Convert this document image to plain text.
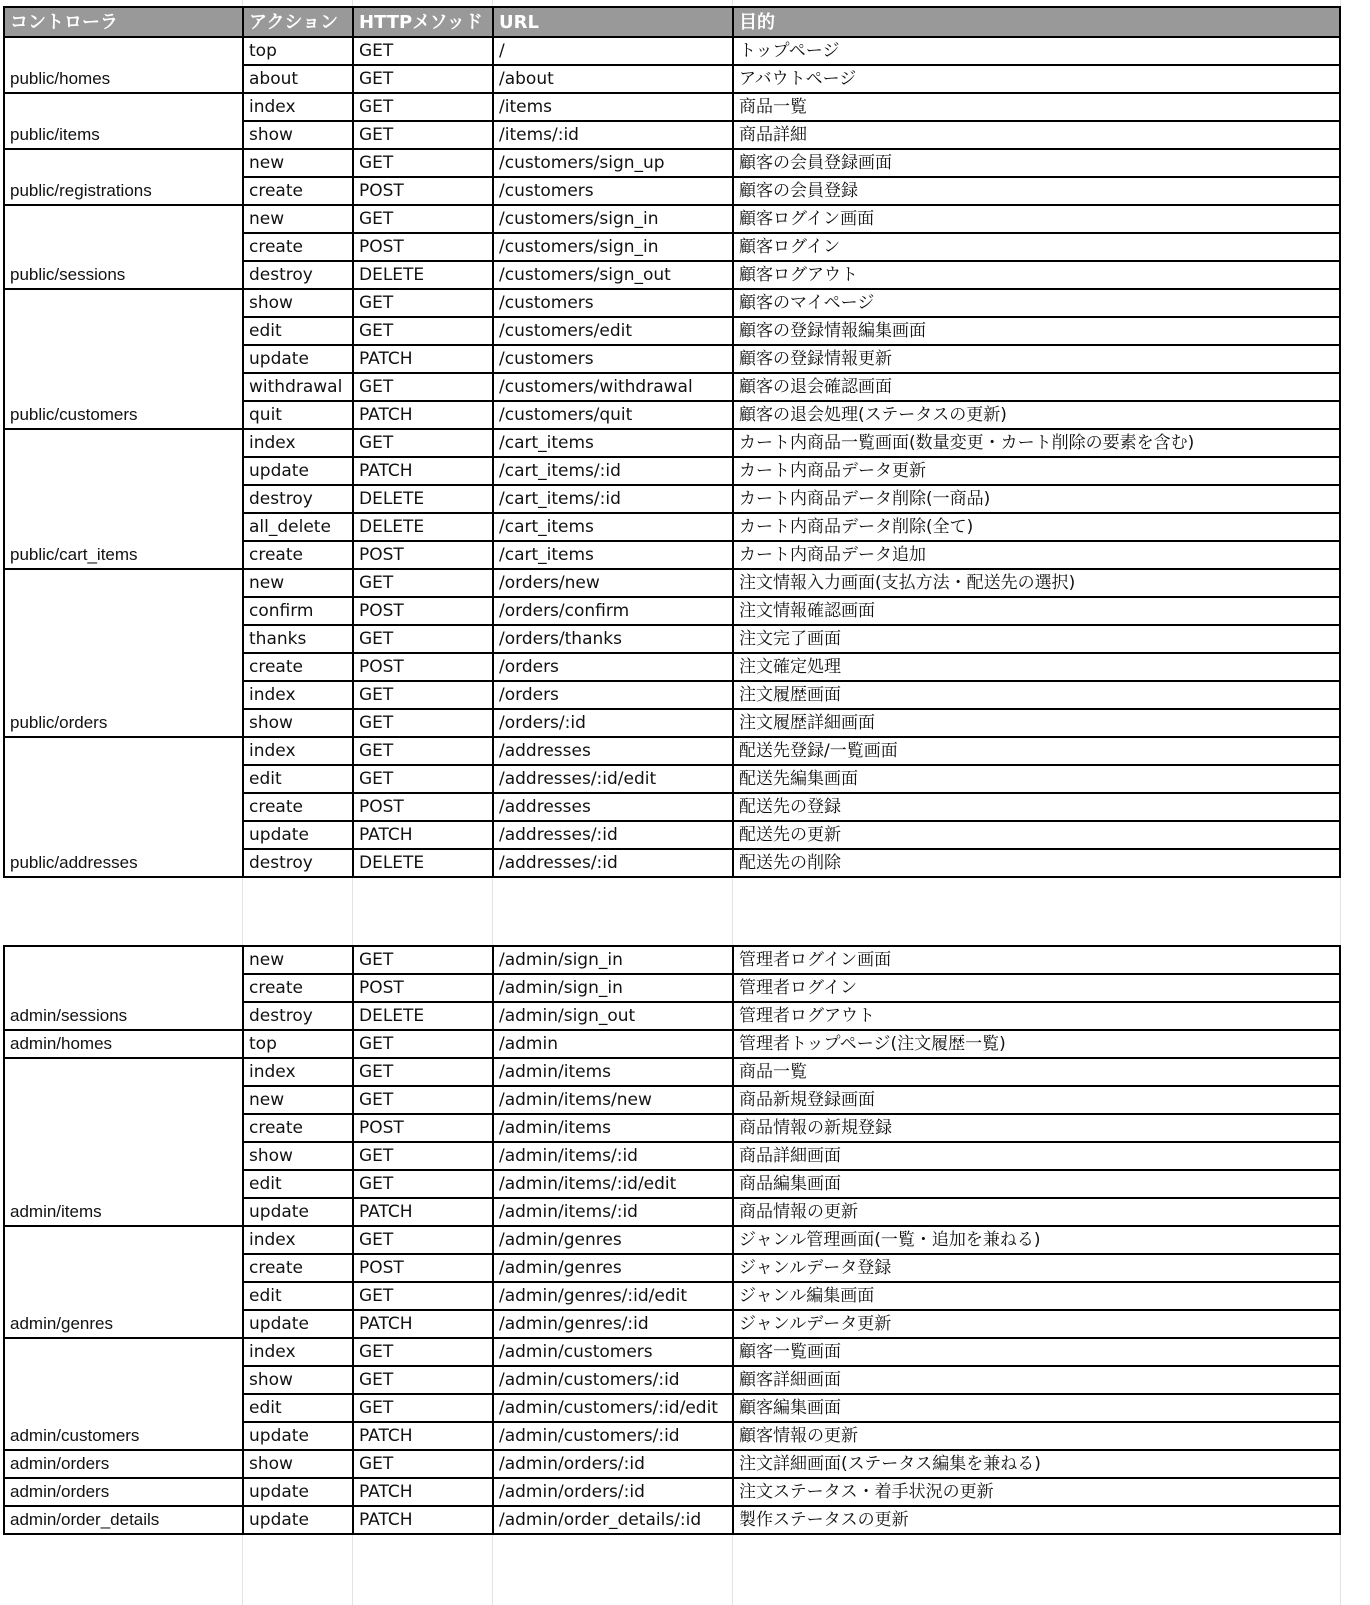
コントローラ	アクション	HTTPメソッド	URL	目的
public/homes	top	GET	/	トップページ
	about	GET	/about	アバウトページ
public/items	index	GET	/items	商品一覧
	show	GET	/items/:id	商品詳細
public/registrations	new	GET	/customers/sign_up	顧客の会員登録画面
	create	POST	/customers	顧客の会員登録
public/sessions	new	GET	/customers/sign_in	顧客ログイン画面
	create	POST	/customers/sign_in	顧客ログイン
	destroy	DELETE	/customers/sign_out	顧客ログアウト
public/customers	show	GET	/customers	顧客のマイページ
	edit	GET	/customers/edit	顧客の登録情報編集画面
	update	PATCH	/customers	顧客の登録情報更新
	withdrawal	GET	/customers/withdrawal	顧客の退会確認画面
	quit	PATCH	/customers/quit	顧客の退会処理(ステータスの更新)
public/cart_items	index	GET	/cart_items	カート内商品一覧画面(数量変更・カート削除の要素を含む)
	update	PATCH	/cart_items/:id	カート内商品データ更新
	destroy	DELETE	/cart_items/:id	カート内商品データ削除(一商品)
	all_delete	DELETE	/cart_items	カート内商品データ削除(全て)
	create	POST	/cart_items	カート内商品データ追加
public/orders	new	GET	/orders/new	注文情報入力画面(支払方法・配送先の選択)
	confirm	POST	/orders/confirm	注文情報確認画面
	thanks	GET	/orders/thanks	注文完了画面
	create	POST	/orders	注文確定処理
	index	GET	/orders	注文履歴画面
	show	GET	/orders/:id	注文履歴詳細画面
public/addresses	index	GET	/addresses	配送先登録/一覧画面
	edit	GET	/addresses/:id/edit	配送先編集画面
	create	POST	/addresses	配送先の登録
	update	PATCH	/addresses/:id	配送先の更新
	destroy	DELETE	/addresses/:id	配送先の削除
admin/sessions	new	GET	/admin/sign_in	管理者ログイン画面
	create	POST	/admin/sign_in	管理者ログイン
	destroy	DELETE	/admin/sign_out	管理者ログアウト
admin/homes	top	GET	/admin	管理者トップページ(注文履歴一覧)
admin/items	index	GET	/admin/items	商品一覧
	new	GET	/admin/items/new	商品新規登録画面
	create	POST	/admin/items	商品情報の新規登録
	show	GET	/admin/items/:id	商品詳細画面
	edit	GET	/admin/items/:id/edit	商品編集画面
	update	PATCH	/admin/items/:id	商品情報の更新
admin/genres	index	GET	/admin/genres	ジャンル管理画面(一覧・追加を兼ねる)
	create	POST	/admin/genres	ジャンルデータ登録
	edit	GET	/admin/genres/:id/edit	ジャンル編集画面
	update	PATCH	/admin/genres/:id	ジャンルデータ更新
admin/customers	index	GET	/admin/customers	顧客一覧画面
	show	GET	/admin/customers/:id	顧客詳細画面
	edit	GET	/admin/customers/:id/edit	顧客編集画面
	update	PATCH	/admin/customers/:id	顧客情報の更新
admin/orders	show	GET	/admin/orders/:id	注文詳細画面(ステータス編集を兼ねる)
admin/orders	update	PATCH	/admin/orders/:id	注文ステータス・着手状況の更新
admin/order_details	update	PATCH	/admin/order_details/:id	製作ステータスの更新
